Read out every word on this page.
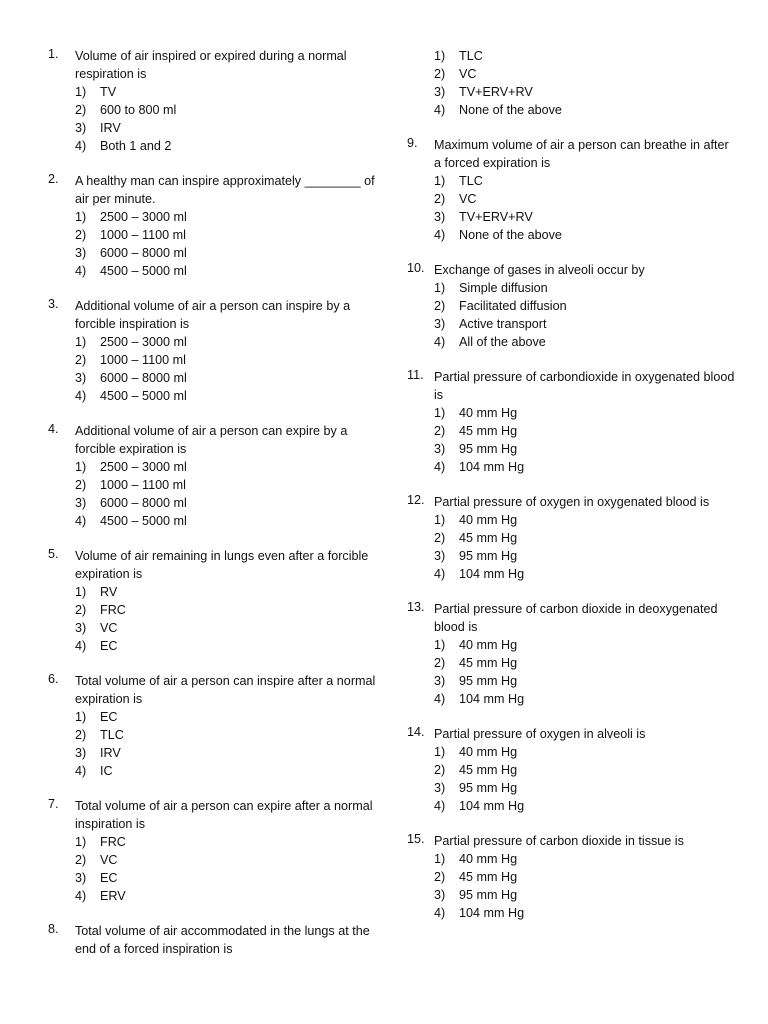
1.	Volume of air inspired or expired during a normal respiration is
1)	TV
2)	600 to 800 ml
3)	IRV
4)	Both 1 and 2
2.	A healthy man can inspire approximately ________ of air per minute.
1)	2500 – 3000 ml
2)	1000 – 1100 ml
3)	6000 – 8000 ml
4)	4500 – 5000 ml
3.	Additional volume of air a person can inspire by a forcible inspiration is
1)	2500 – 3000 ml
2)	1000 – 1100 ml
3)	6000 – 8000 ml
4)	4500 – 5000 ml
4.	Additional volume of air a person can expire by a forcible expiration is
1)	2500 – 3000 ml
2)	1000 – 1100 ml
3)	6000 – 8000 ml
4)	4500 – 5000 ml
5.	Volume of air remaining in lungs even after a forcible expiration is
1)	RV
2)	FRC
3)	VC
4)	EC
6.	Total volume of air a person can inspire after a normal expiration is
1)	EC
2)	TLC
3)	IRV
4)	IC
7.	Total volume of air a person can expire after a normal inspiration is
1)	FRC
2)	VC
3)	EC
4)	ERV
8.	Total volume of air accommodated in the lungs at the end of a forced inspiration is
1)	TLC
2)	VC
3)	TV+ERV+RV
4)	None of the above
9.	Maximum volume of air a person can breathe in after a forced expiration is
1)	TLC
2)	VC
3)	TV+ERV+RV
4)	None of the above
10. Exchange of gases in alveoli occur by
1)	Simple diffusion
2)	Facilitated diffusion
3)	Active transport
4)	All of the above
11. Partial pressure of carbondioxide in oxygenated blood is
1)	40 mm Hg
2)	45 mm Hg
3)	95 mm Hg
4)	104 mm Hg
12. Partial pressure of oxygen in oxygenated blood is
1)	40 mm Hg
2)	45 mm Hg
3)	95 mm Hg
4)	104 mm Hg
13. Partial pressure of carbon dioxide in deoxygenated blood is
1)	40 mm Hg
2)	45 mm Hg
3)	95 mm Hg
4)	104 mm Hg
14. Partial pressure of oxygen in alveoli is
1)	40 mm Hg
2)	45 mm Hg
3)	95 mm Hg
4)	104 mm Hg
15. Partial pressure of carbon dioxide in tissue is
1)	40 mm Hg
2)	45 mm Hg
3)	95 mm Hg
4)	104 mm Hg
